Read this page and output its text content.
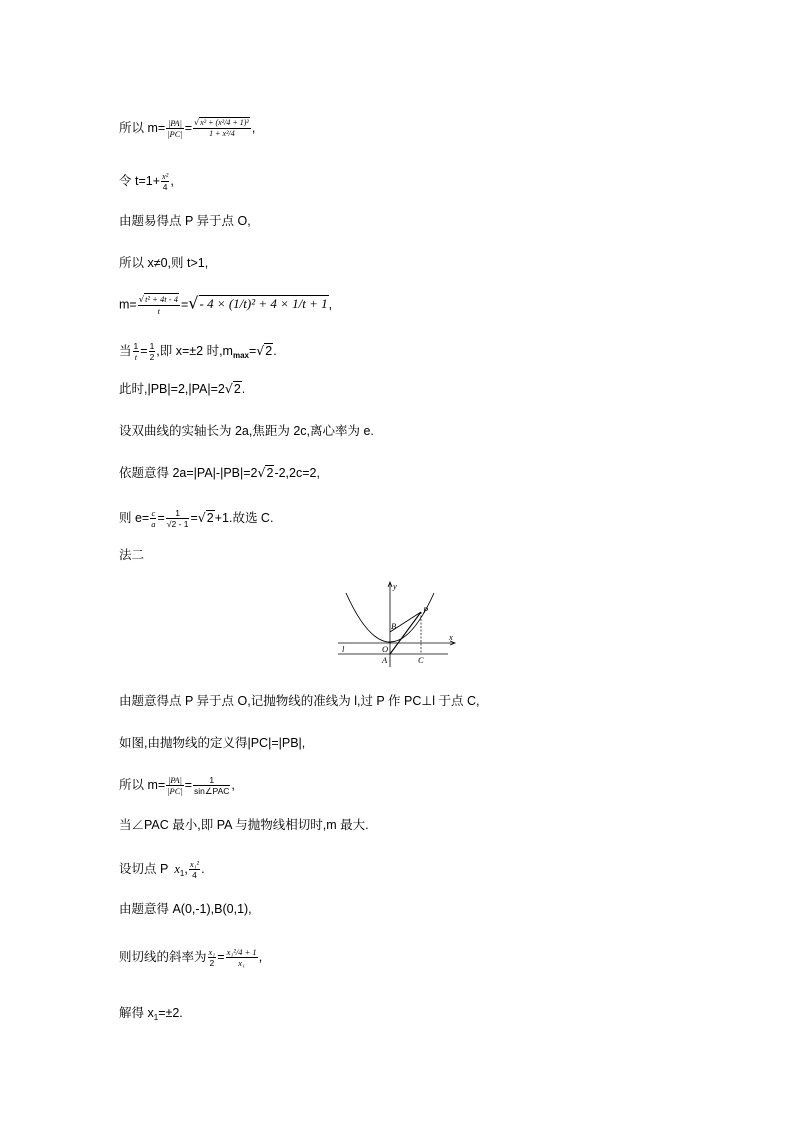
所以 $m= \frac{|PA|}{|PC|} = \frac{\text{√x² + (x²/4 + 1)²}}{\text{1 + x²/4}}$ ,
令 $t=1+ \frac{\text{x²}}{4}$ ,
由题易得点 P 异于点 O,
所以 x≠0,则 t>1,
$m= \frac{\text{√t² + 4t - 4}}{t}$ =√- 4 × (1/t)² + 4 × 1/t + 1,
当 $\frac{1}{t} = \frac{1}{2}$ ,即 x=±2 时$,m_{max}=√2$.
此时,|PB|=2,|PA|=2√2.
设双曲线的实轴长为 2a,焦距为 2c,离心率为 e.
依题意得 2a=|PA|-|PB|=2√2-2,2c=2,
则 $e= \frac{c}{a} = \frac{1}{√2 - 1} =√2+1$.故选 C.
法二
y
x
P
B
O
A	C
l
由题意得点 P 异于点 O,记抛物线的准线为 l,过 P 作 PC⊥l 于点 C,
如图,由抛物线的定义得|PC|=|PB|,
所以 $m= \frac{|PA|}{|PC|} = \frac{1}{\text{sin∠PAC}}$ ,
当∠PAC 最小,即 PA 与抛物线相切时,m 最大.
设切点 P $x_1$, $\frac{\text{x₁²}}{4}$ .
由题意得 A(0,-1),B(0,1),
则切线的斜率为 $\frac{\text{x₁}}{2} = \frac{\text{x₁²/4 + 1}}{\text{x₁}}$ ,
解得 $x_1=\pm 2$.
